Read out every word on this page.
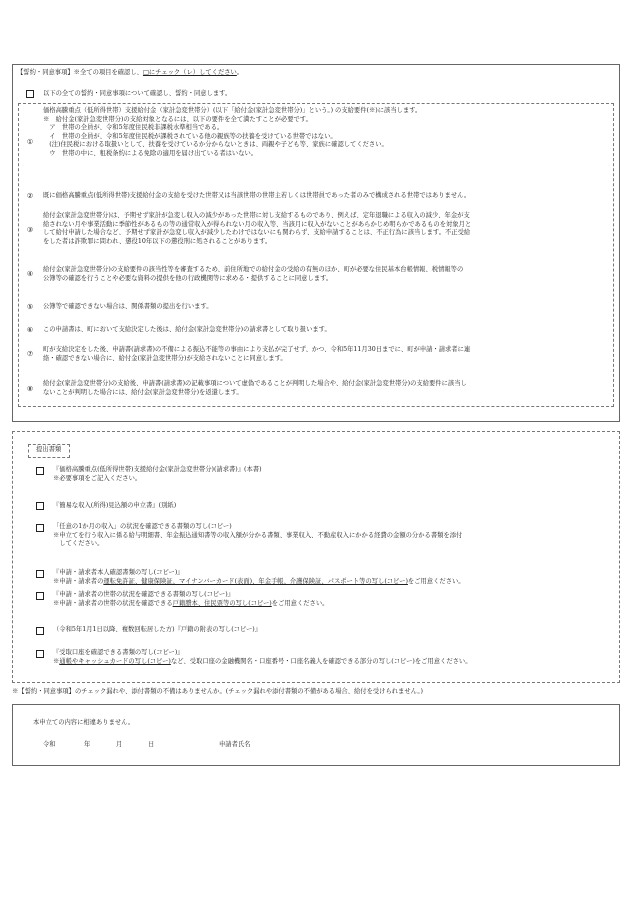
【誓約・同意事項】※全ての項目を確認し、□にチェック（レ）してください。
以下の全ての誓約・同意事項について確認し、誓約・同意します。
①
価格高騰重点（低所得世帯）支援給付金（家計急変世帯分）(以下「給付金(家計急変世帯分)」という。) の支給要件(※)に該当します。
※　給付金(家計急変世帯分)の支給対象となるには、以下の要件を全て満たすことが必要です。
　ア　世帯の全員が、令和5年度住民税非課税水準相当である。
　イ　世帯の全員が、令和5年度住民税が課税されている他の親族等の扶養を受けている世帯ではない。
　(注)住民税における取扱いとして、扶養を受けているか分からないときは、両親や子ども等、家族に確認してください。
　ウ　世帯の中に、租税条約による免除の適用を届け出ている者はいない。
② 既に価格高騰重点(低所得世帯)支援給付金の支給を受けた世帯又は当該世帯の世帯主若しくは世帯員であった者のみで構成される世帯ではありません。
③
給付金(家計急変世帯分)は、予期せず家計が急変し収入の減少があった世帯に対し支給するものであり、例えば、定年退職による収入の減少、年金が支
給されない月や事業活動に季節性があるもの等の通常収入が得られない月の収入等、当該月に収入がないことがあらかじめ明らかであるものを対象月と
して給付申請した場合など、予期せず家計が急変し収入が減少したわけではないにも関わらず、支給申請することは、不正行為に該当します。不正受給
をした者は詐欺罪に問われ、懲役10年以下の懲役刑に処されることがあります。
④
給付金(家計急変世帯分)の支給要件の該当性等を審査するため、前住所地での給付金の受給の有無のほか、町が必要な住民基本台帳情報、税情報等の
公簿等の確認を行うことや必要な資料の提供を他の行政機関等に求める・提供することに同意します。
⑤ 公簿等で確認できない場合は、関係書類の提出を行います。
⑥ この申請書は、町において支給決定した後は、給付金(家計急変世帯分)の請求書として取り扱います。
⑦
町が支給決定をした後、申請書(請求書)の不備による振込不能等の事由により支払が完了せず、かつ、令和5年11月30日までに、町が申請・請求者に連
絡・確認できない場合に、給付金(家計急変世帯分)が支給されないことに同意します。
⑧
給付金(家計急変世帯分)の支給後、申請書(請求書)の記載事項について虚偽であることが判明した場合や、給付金(家計急変世帯分)の支給要件に該当し
ないことが判明した場合には、給付金(家計急変世帯分)を返還します。
提出書類
『価格高騰重点(低所得世帯)支援給付金(家計急変世帯分)(請求書)』(本書)
※必要事項をご記入ください。
『簡易な収入(所得)見込額の申立書』(別紙)
「任意の1か月の収入」の状況を確認できる書類の写し(コピー)
※申立てを行う収入に係る給与明細書、年金振込通知書等の収入額が分かる書類、事業収入、不動産収入にかかる経費の金額の分かる書類を添付
　してください。
『申請・請求者本人確認書類の写し(コピー)』
※申請・請求者の運転免許証、健康保険証、マイナンバーカード(表面)、年金手帳、介護保険証、パスポート等の写し(コピー)をご用意ください。
『申請・請求者の世帯の状況を確認できる書類の写し(コピー)』
※申請・請求者の世帯の状況を確認できる戸籍謄本、住民票等の写し(コピー)をご用意ください。
（令和5年1月1日以降、複数回転居した方)『戸籍の附表の写し(コピー)』
『受取口座を確認できる書類の写し(コピー)』
※通帳やキャッシュカードの写し(コピー)など、受取口座の金融機関名・口座番号・口座名義人を確認できる部分の写し(コピー)をご用意ください。
※【誓約・同意事項】のチェック漏れや、添付書類の不備はありませんか。(チェック漏れや添付書類の不備がある場合、給付を受けられません。)
本申立ての内容に相違ありません。
令和	年	月	日	申請者氏名
